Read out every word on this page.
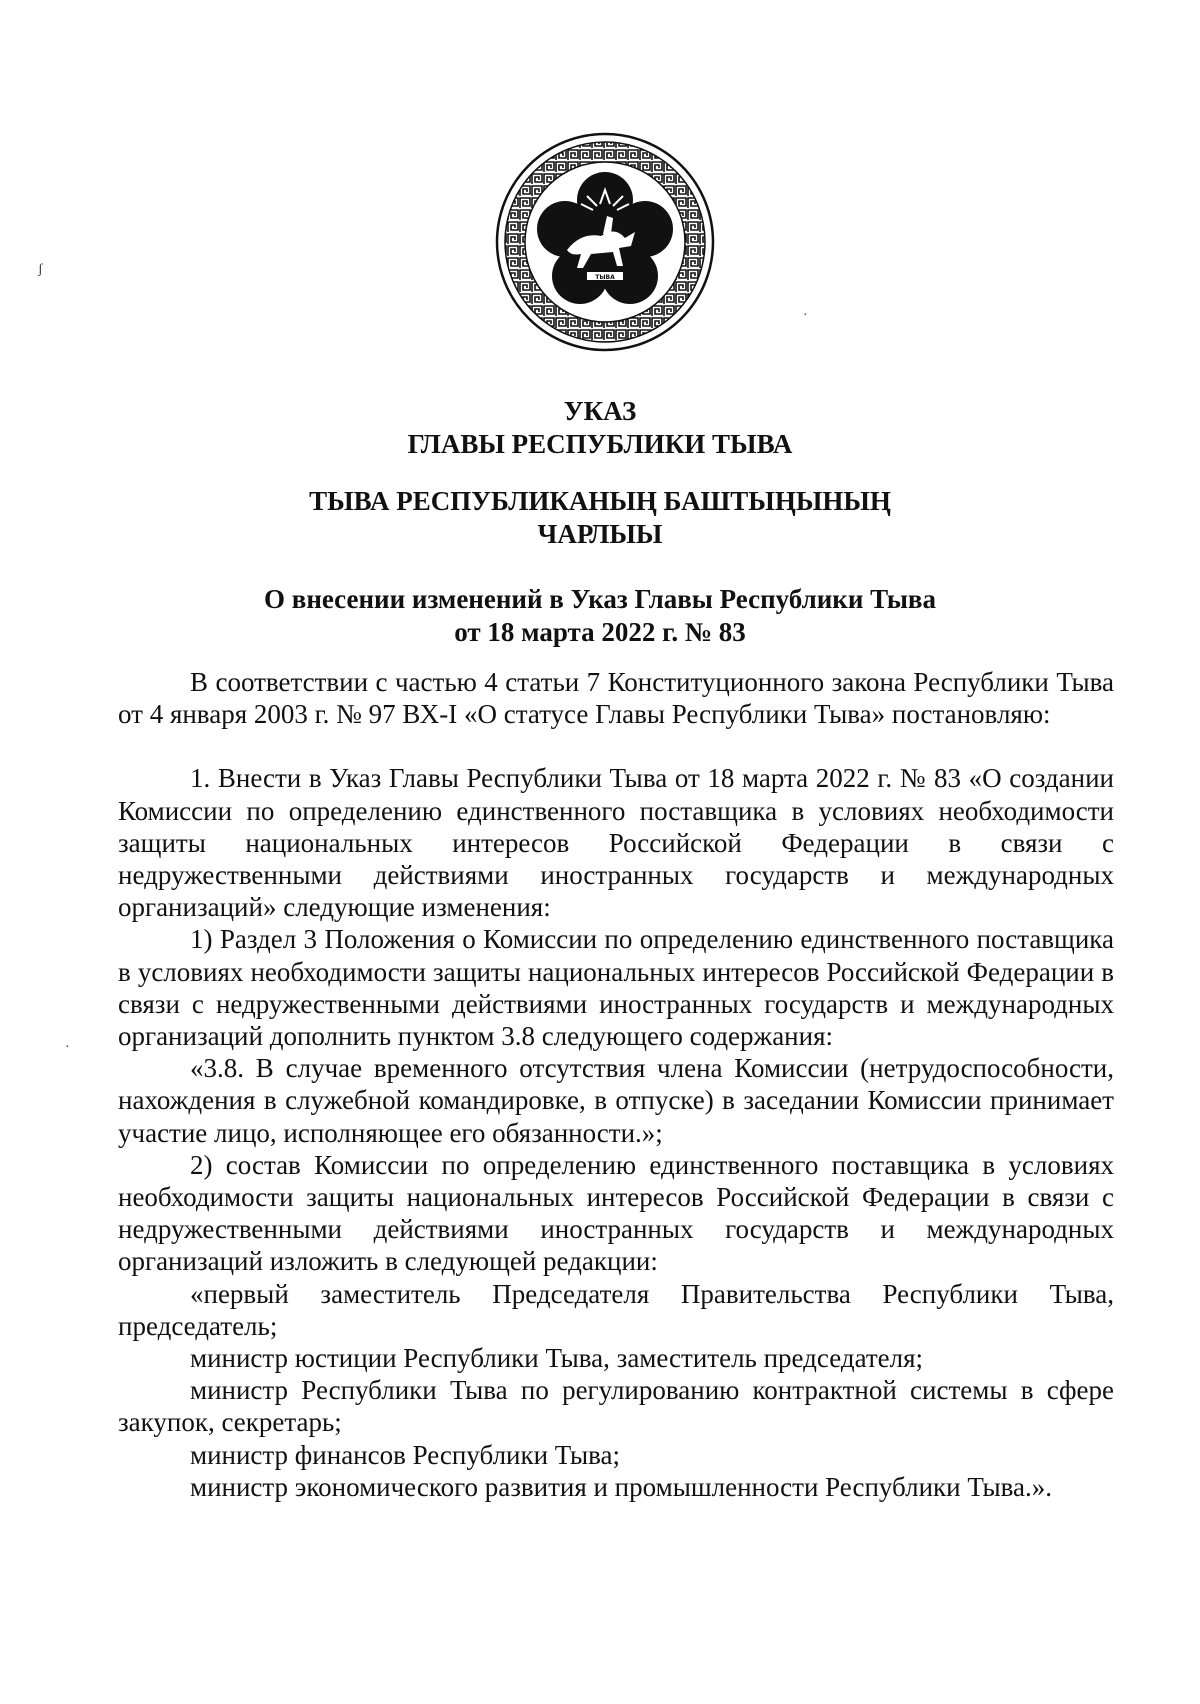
ТЫВА
ʃ
·
·
УКАЗ
ГЛАВЫ РЕСПУБЛИКИ ТЫВА
ТЫВА РЕСПУБЛИКАНЫҢ БАШТЫҢЫНЫҢ
ЧАРЛЫЫ
О внесении изменений в Указ Главы Республики Тыва
от 18 марта 2022 г. № 83

В соответствии с частью 4 статьи 7 Конституционного закона Республики Тыва от 4 января 2003 г. № 97 ВХ-I «О статусе Главы Республики Тыва» постановляю:

1. Внести в Указ Главы Республики Тыва от 18 марта 2022 г. № 83 «О создании Комиссии по определению единственного поставщика в условиях необходимости защиты национальных интересов Российской Федерации в связи с недружественными действиями иностранных государств и международных организаций» следующие изменения:

1) Раздел 3 Положения о Комиссии по определению единственного поставщика в условиях необходимости защиты национальных интересов Российской Федерации в связи с недружественными действиями иностранных государств и международных организаций дополнить пунктом 3.8 следующего содержания:

«3.8. В случае временного отсутствия члена Комиссии (нетрудоспособности, нахождения в служебной командировке, в отпуске) в заседании Комиссии принимает участие лицо, исполняющее его обязанности.»;

2) состав Комиссии по определению единственного поставщика в условиях необходимости защиты национальных интересов Российской Федерации в связи с недружественными действиями иностранных государств и международных организаций изложить в следующей редакции:

«первый заместитель Председателя Правительства Республики Тыва, председатель;

министр юстиции Республики Тыва, заместитель председателя;

министр Республики Тыва по регулированию контрактной системы в сфере закупок, секретарь;

министр финансов Республики Тыва;

министр экономического развития и промышленности Республики Тыва.».
